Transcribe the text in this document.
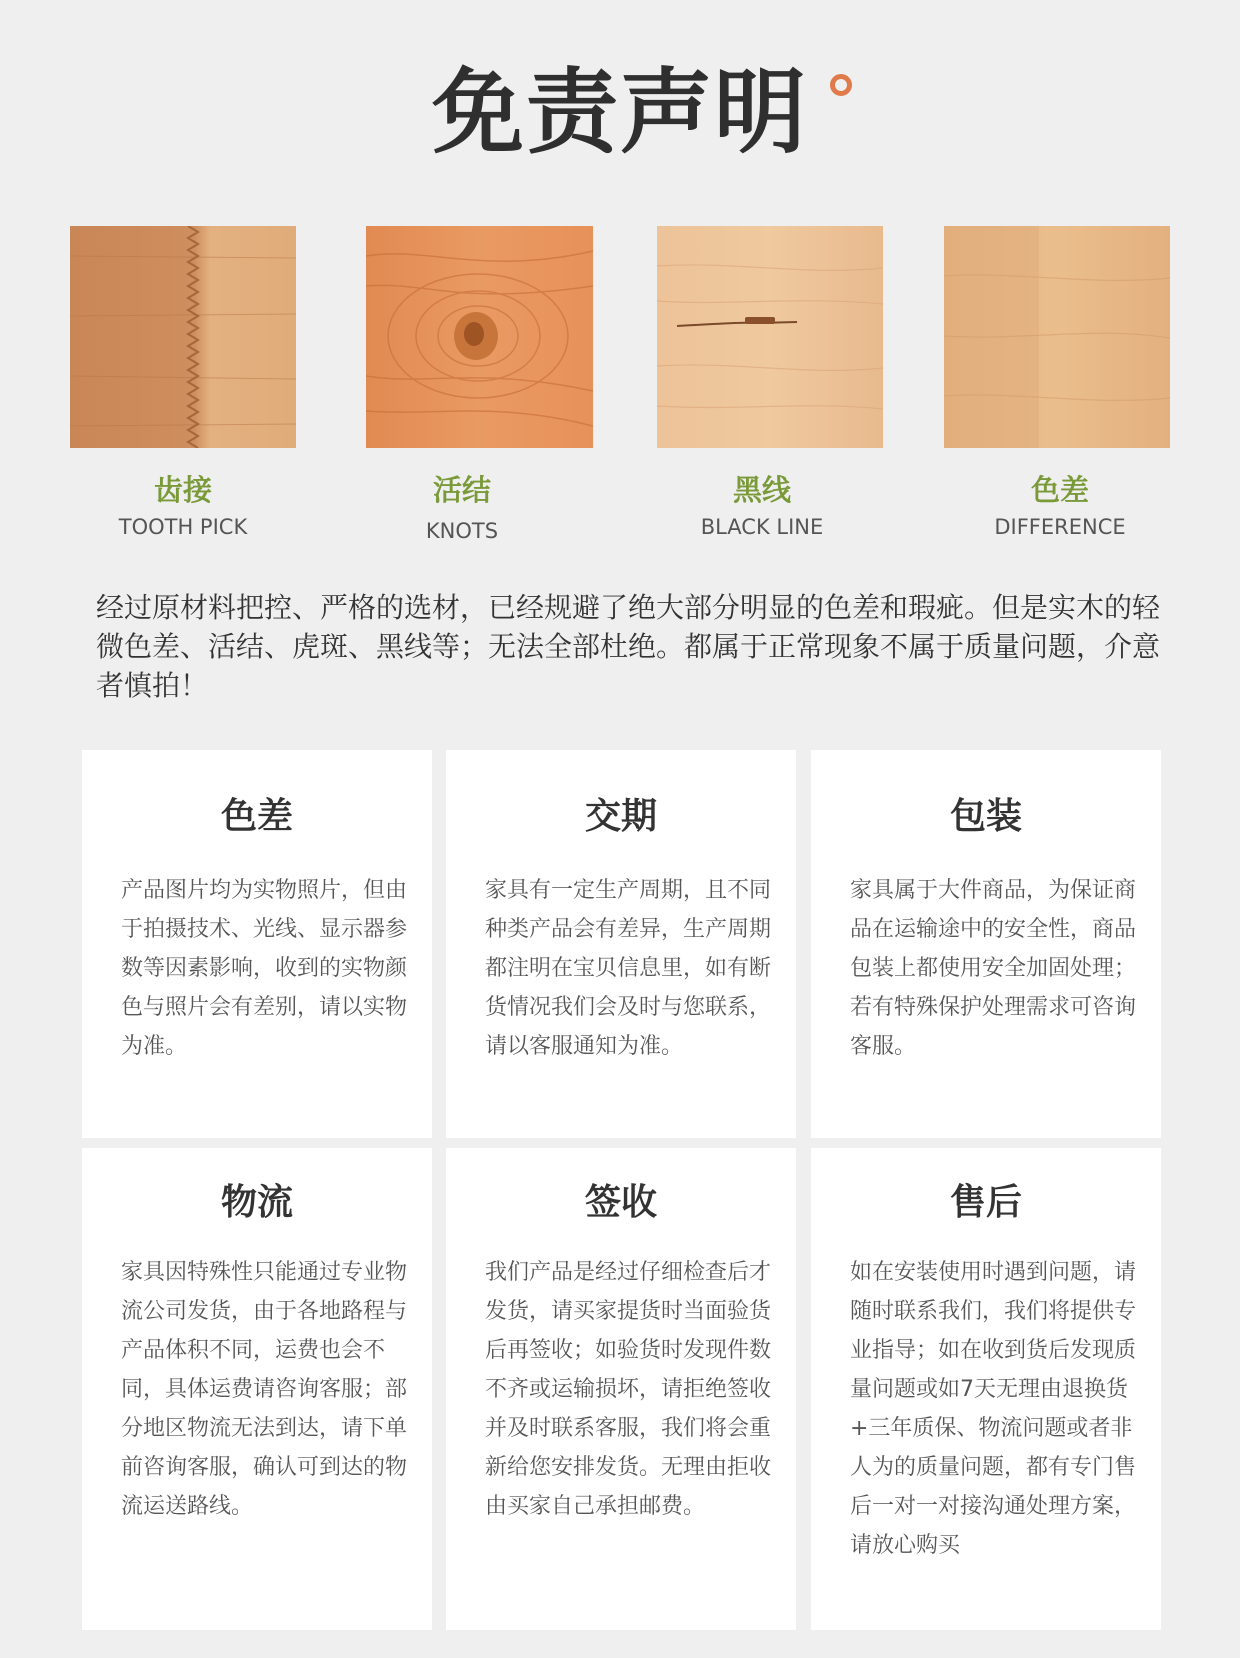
免责声明
齿接
TOOTH PICK
活结
KNOTS
黑线
BLACK LINE
色差
DIFFERENCE
经过原材料把控、严格的选材，已经规避了绝大部分明显的色差和瑕疵。但是实木的轻微色差、活结、虎斑、黑线等；无法全部杜绝。都属于正常现象不属于质量问题，介意者慎拍！
色差
产品图片均为实物照片，但由于拍摄技术、光线、显示器参数等因素影响，收到的实物颜色与照片会有差别，请以实物为准。
交期
家具有一定生产周期，且不同种类产品会有差异，生产周期都注明在宝贝信息里，如有断货情况我们会及时与您联系，请以客服通知为准。
包装
家具属于大件商品，为保证商品在运输途中的安全性，商品包装上都使用安全加固处理；若有特殊保护处理需求可咨询客服。
物流
家具因特殊性只能通过专业物流公司发货，由于各地路程与产品体积不同，运费也会不同，具体运费请咨询客服；部分地区物流无法到达，请下单前咨询客服，确认可到达的物流运送路线。
签收
我们产品是经过仔细检查后才发货，请买家提货时当面验货后再签收；如验货时发现件数不齐或运输损坏，请拒绝签收并及时联系客服，我们将会重新给您安排发货。无理由拒收由买家自己承担邮费。
售后
如在安装使用时遇到问题，请随时联系我们，我们将提供专业指导；如在收到货后发现质量问题或如7天无理由退换货+三年质保、物流问题或者非人为的质量问题，都有专门售后一对一对接沟通处理方案，请放心购买
